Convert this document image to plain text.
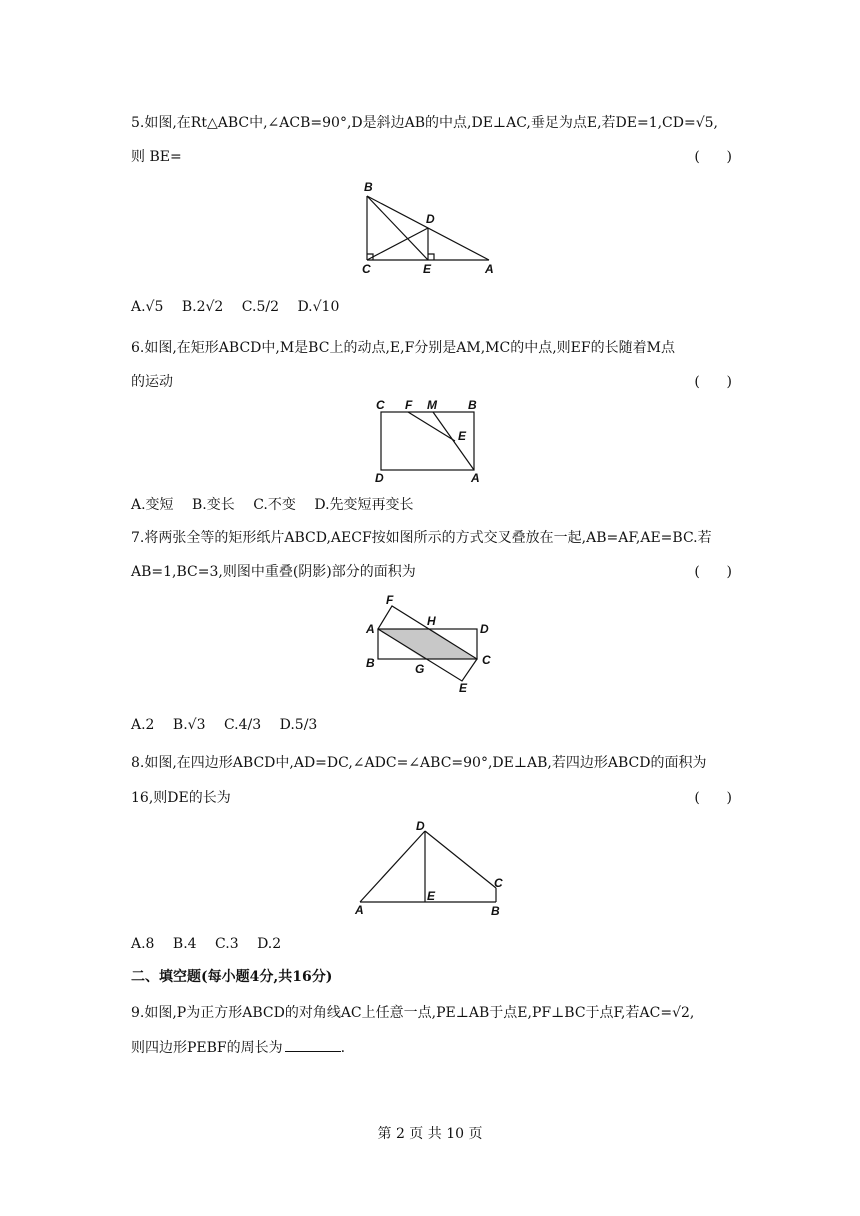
5.如图,在Rt△ABC中,∠ACB=90°,D是斜边AB的中点,DE⊥AC,垂足为点E,若DE=1,CD=√5,
则 BE=	(      )
B
D
C	E	A
A.√5 B.2√2 C.5/2 D.√10
6.如图,在矩形ABCD中,M是BC上的动点,E,F分别是AM,MC的中点,则EF的长随着M点
的运动	(      )
C F M	B
E
D	A
A.变短 B.变长 C.不变 D.先变短再变长
7.将两张全等的矩形纸片ABCD,AECF按如图所示的方式交叉叠放在一起,AB=AF,AE=BC.若
AB=1,BC=3,则图中重叠(阴影)部分的面积为	(      )
F
H
A	D
B	G
C
E
A.2 B.√3 C.4/3 D.5/3
8.如图,在四边形ABCD中,AD=DC,∠ADC=∠ABC=90°,DE⊥AB,若四边形ABCD的面积为
16,则DE的长为	(      )
D
C
A
E
B
A.8 B.4 C.3 D.2
二、填空题(每小题4分,共16分)
9.如图,P为正方形ABCD的对角线AC上任意一点,PE⊥AB于点E,PF⊥BC于点F,若AC=√2,
则四边形PEBF的周长为	.
第 2 页 共 10 页
